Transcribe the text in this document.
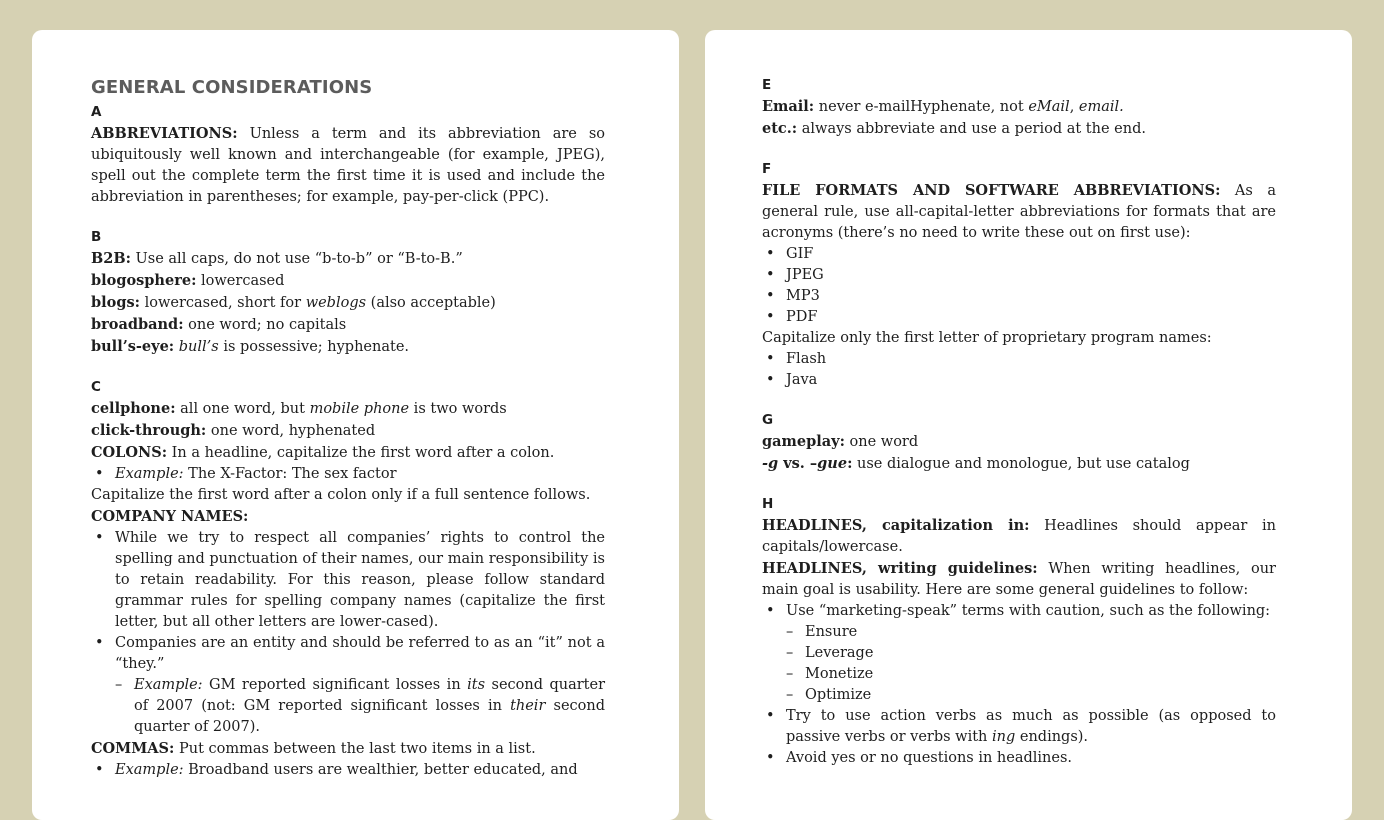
GENERAL CONSIDERATIONS
A

ABBREVIATIONS: Unless a term and its abbreviation are so ubiquitously well known and interchangeable (for example, JPEG), spell out the complete term the first time it is used and include the abbreviation in parentheses; for example, pay-per-click (PPC).

B

B2B: Use all caps, do not use “b-to-b” or “B-to-B.”

blogosphere: lowercased

blogs: lowercased, short for weblogs (also acceptable)

broadband: one word; no capitals

bull’s-eye: bull’s is possessive; hyphenate.

C

cellphone: all one word, but mobile phone is two words

click-through: one word, hyphenated

COLONS: In a headline, capitalize the first word after a colon.

• Example: The X-Factor: The sex factor

Capitalize the first word after a colon only if a full sentence follows.

COMPANY NAMES:

• While we try to respect all companies’ rights to control the spelling and punctuation of their names, our main responsibility is to retain readability. For this reason, please follow standard grammar rules for spelling company names (capitalize the first letter, but all other letters are lower-cased).
• Companies are an entity and should be referred to as an “it” not a “they.”
– Example: GM reported significant losses in its second quarter of 2007 (not: GM reported significant losses in their second quarter of 2007).

COMMAS: Put commas between the last two items in a list.

• Example: Broadband users are wealthier, better educated, and
E

Email: never e-mailHyphenate, not eMail, email.

etc.: always abbreviate and use a period at the end.

F

FILE FORMATS AND SOFTWARE ABBREVIATIONS: As a general rule, use all-capital-letter abbreviations for formats that are acronyms (there’s no need to write these out on first use):

• GIF
• JPEG
• MP3
• PDF

Capitalize only the first letter of proprietary program names:

• Flash
• Java
G

gameplay: one word

-g vs. –gue: use dialogue and monologue, but use catalog

H

HEADLINES, capitalization in: Headlines should appear in capitals/lowercase.

HEADLINES, writing guidelines: When writing headlines, our main goal is usability. Here are some general guidelines to follow:

• Use “marketing-speak” terms with caution, such as the following:
– Ensure
– Leverage
– Monetize
– Optimize
• Try to use action verbs as much as possible (as opposed to passive verbs or verbs with ing endings).
• Avoid yes or no questions in headlines.
